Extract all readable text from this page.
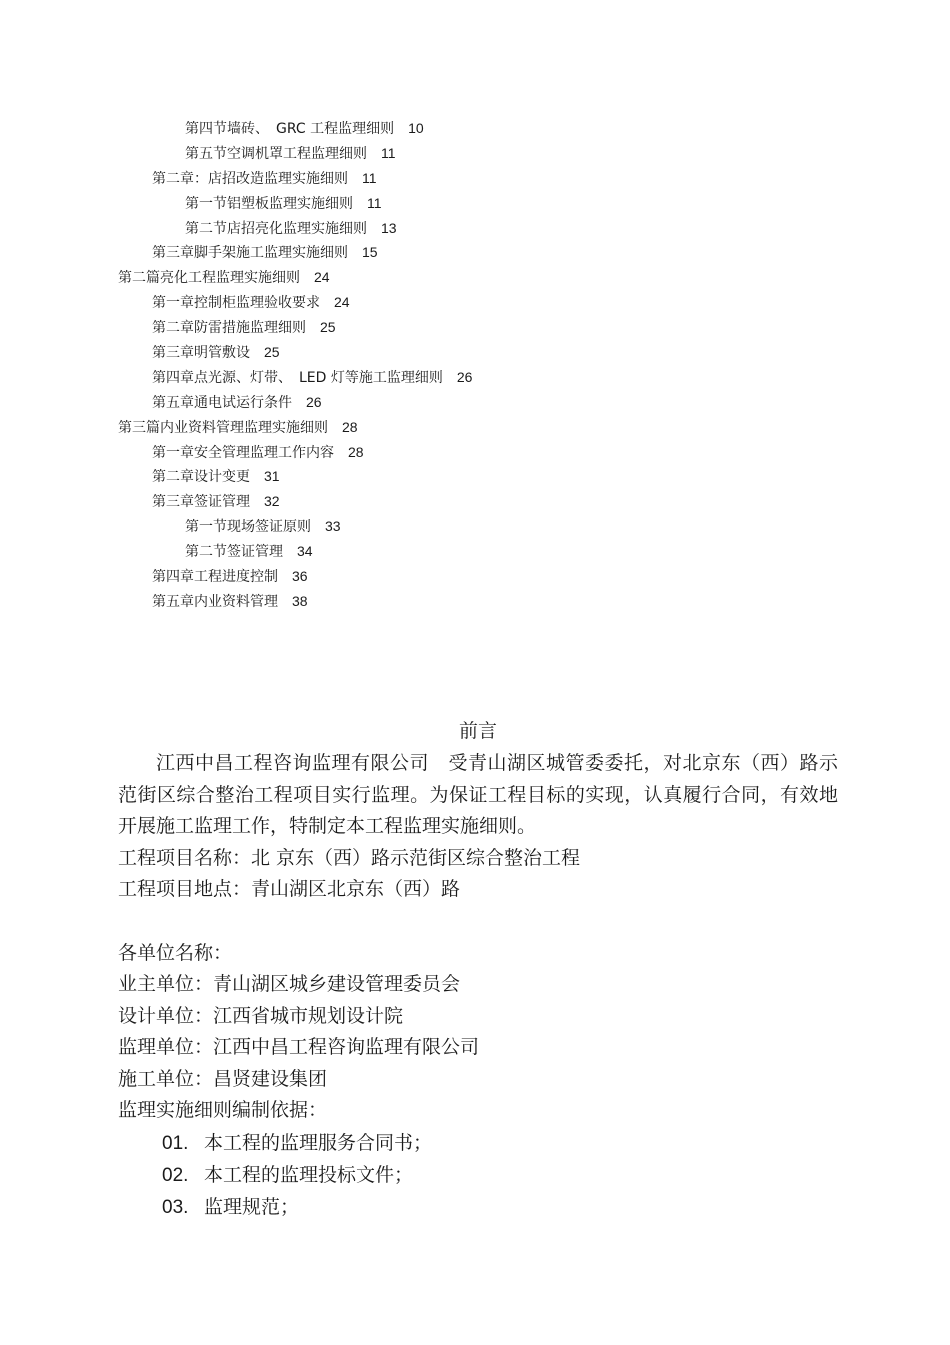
第四节墙砖、　GRC 工程监理细则 10
第五节空调机罩工程监理细则 11
第二章：店招改造监理实施细则 11
第一节铝塑板监理实施细则 11
第二节店招亮化监理实施细则 13
第三章脚手架施工监理实施细则 15
第二篇亮化工程监理实施细则 24
第一章控制柜监理验收要求 24
第二章防雷措施监理细则 25
第三章明管敷设 25
第四章点光源、灯带、　LED 灯等施工监理细则 26
第五章通电试运行条件 26
第三篇内业资料管理监理实施细则 28
第一章安全管理监理工作内容 28
第二章设计变更 31
第三章签证管理 32
第一节现场签证原则 33
第二节签证管理 34
第四章工程进度控制 36
第五章内业资料管理 38
前言

江西中昌工程咨询监理有限公司　受青山湖区城管委委托，对北京东（西）路示范街区综合整治工程项目实行监理。为保证工程目标的实现，认真履行合同，有效地开展施工监理工作，特制定本工程监理实施细则。

工程项目名称：北 京东（西）路示范街区综合整治工程
工程项目地点：青山湖区北京东（西）路
各单位名称：
业主单位：青山湖区城乡建设管理委员会
设计单位：江西省城市规划设计院
监理单位：江西中昌工程咨询监理有限公司
施工单位：昌贤建设集团
监理实施细则编制依据：
01. 本工程的监理服务合同书；
02. 本工程的监理投标文件；
03. 监理规范；
